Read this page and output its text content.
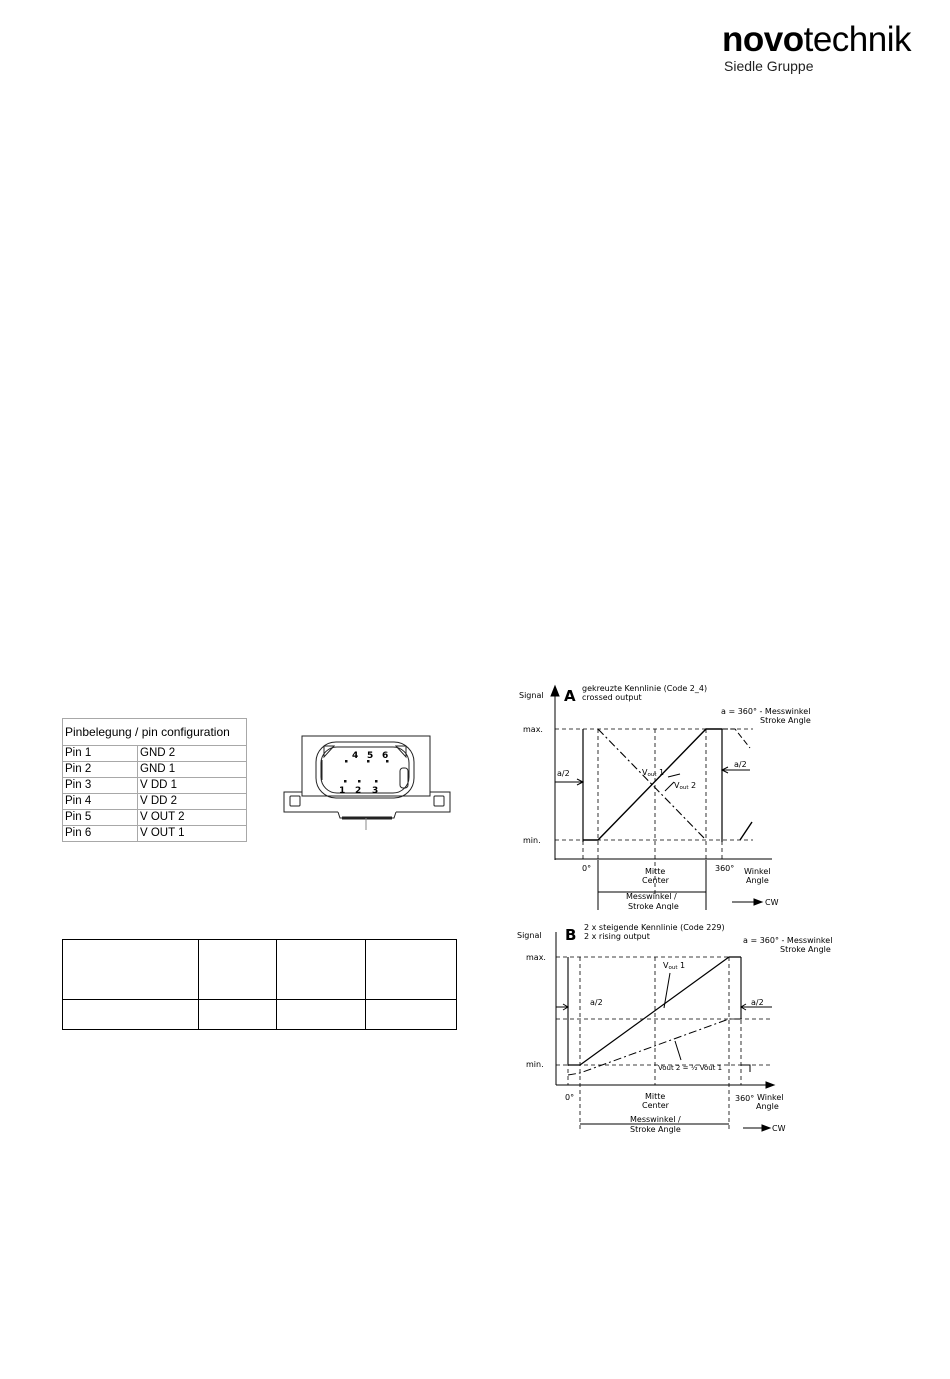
novotechnik
Siedle Gruppe
Pinbelegung / pin configuration	
Pin 1	GND 2
Pin 2	GND 1
Pin 3	V DD 1
Pin 4	V DD 2
Pin 5	V OUT 2
Pin 6	V OUT 1
4 5 6
1 2 3

Signal A gekreuzte Kennlinie (Code 2_4)
crossed output
a = 360° - Messwinkel
Stroke Angle
max.
min.
a/2
a/2
Vout 1
Vout 2
0°	360°
Mitte
Center
Winkel
Angle
Messwinkel /
Stroke Angle	CW
Signal B 2 x steigende Kennlinie (Code 229)
2 x rising output	a = 360° - Messwinkel
Stroke Angle
max.
min.
a/2	a/2
Vout 1
Vout 2 = ½ Vout 1
0°	360°
Mitte
Center
Winkel
Angle
Messwinkel /
Stroke Angle	CW
